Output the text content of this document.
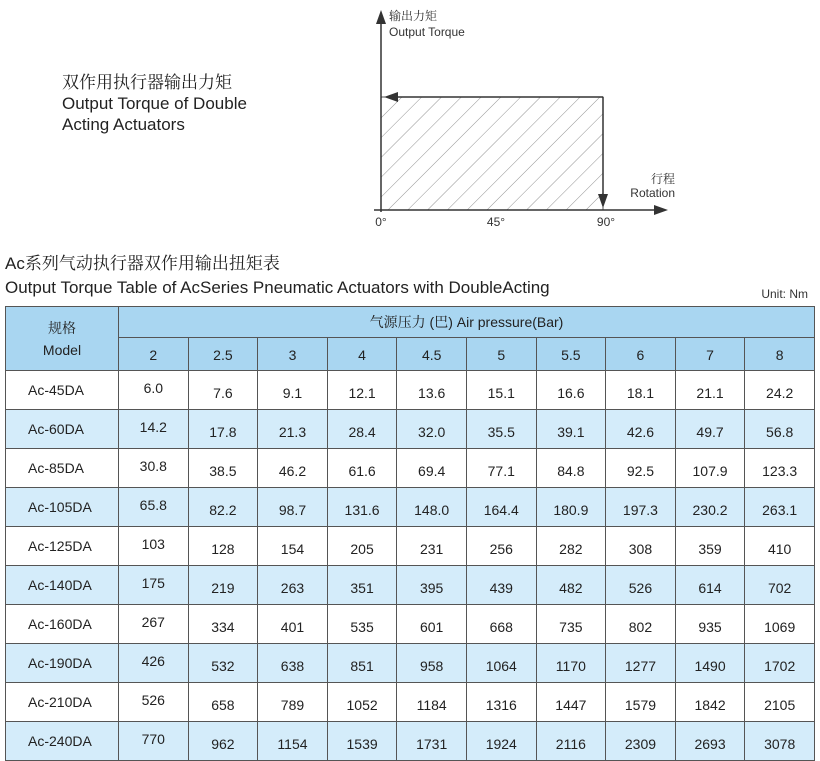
双作用执行器输出力矩
Output Torque of Double
Acting Actuators
输出力矩
Output Torque
行程
Rotation
0°	45°	90°
Ac系列气动执行器双作用输出扭矩表
Output Torque Table of AcSeries Pneumatic Actuators with DoubleActing	Unit: Nm
规格
Model	气源压力 (巴) Air pressure(Bar)									
	2	2.5	3	4	4.5	5	5.5	6	7	8
Ac-45DA	6.0	7.6	9.1	12.1	13.6	15.1	16.6	18.1	21.1	24.2
Ac-60DA	14.2	17.8	21.3	28.4	32.0	35.5	39.1	42.6	49.7	56.8
Ac-85DA	30.8	38.5	46.2	61.6	69.4	77.1	84.8	92.5	107.9	123.3
Ac-105DA	65.8	82.2	98.7	131.6	148.0	164.4	180.9	197.3	230.2	263.1
Ac-125DA	103	128	154	205	231	256	282	308	359	410
Ac-140DA	175	219	263	351	395	439	482	526	614	702
Ac-160DA	267	334	401	535	601	668	735	802	935	1069
Ac-190DA	426	532	638	851	958	1064	1170	1277	1490	1702
Ac-210DA	526	658	789	1052	1184	1316	1447	1579	1842	2105
Ac-240DA	770	962	1154	1539	1731	1924	2116	2309	2693	3078
